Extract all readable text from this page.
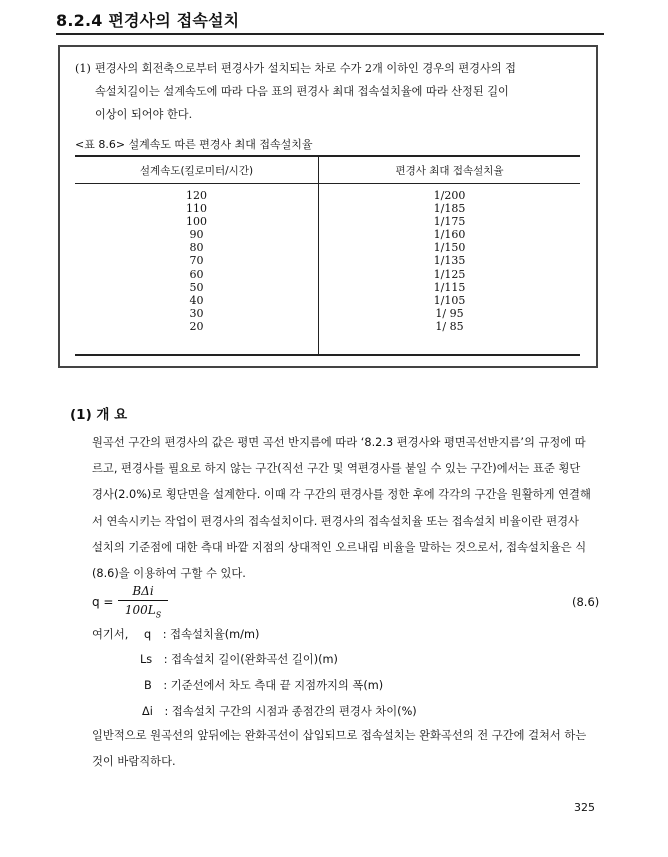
8.2.4 편경사의 접속설치
(1) 편경사의 회전축으로부터 편경사가 설치되는 차로 수가 2개 이하인 경우의 편경사의 접
속설치길이는 설계속도에 따라 다음 표의 편경사 최대 접속설치율에 따라 산정된 길이
이상이 되어야 한다.
<표 8.6> 설계속도 따른 편경사 최대 접속설치율
설계속도(킬로미터/시간)	편경사 최대 접속설치율
120
110
100
90
80
70
60
50
40
30
20
1/200
1/185
1/175
1/160
1/150
1/135
1/125
1/115
1/105
1/ 95
1/ 85
(1) 개 요
원곡선 구간의 편경사의 값은 평면 곡선 반지름에 따라 ‘8.2.3 편경사와 평면곡선반지름’의 규정에 따
르고, 편경사를 필요로 하지 않는 구간(직선 구간 및 역편경사를 붙일 수 있는 구간)에서는 표준 횡단
경사(2.0%)로 횡단면을 설계한다. 이때 각 구간의 편경사를 정한 후에 각각의 구간을 원활하게 연결해
서 연속시키는 작업이 편경사의 접속설치이다. 편경사의 접속설치율 또는 접속설치 비율이란 편경사
설치의 기준점에 대한 측대 바깥 지점의 상대적인 오르내림 비율을 말하는 것으로서, 접속설치율은 식
(8.6)을 이용하여 구할 수 있다.
q =
BΔi
$100L_S$
(8.6)
여기서, q : 접속설치율(m/m)
Ls : 접속설치 길이(완화곡선 길이)(m)
B : 기준선에서 차도 측대 끝 지점까지의 폭(m)
Δi : 접속설치 구간의 시점과 종점간의 편경사 차이(%)
일반적으로 원곡선의 앞뒤에는 완화곡선이 삽입되므로 접속설치는 완화곡선의 전 구간에 걸쳐서 하는
것이 바람직하다.
325
